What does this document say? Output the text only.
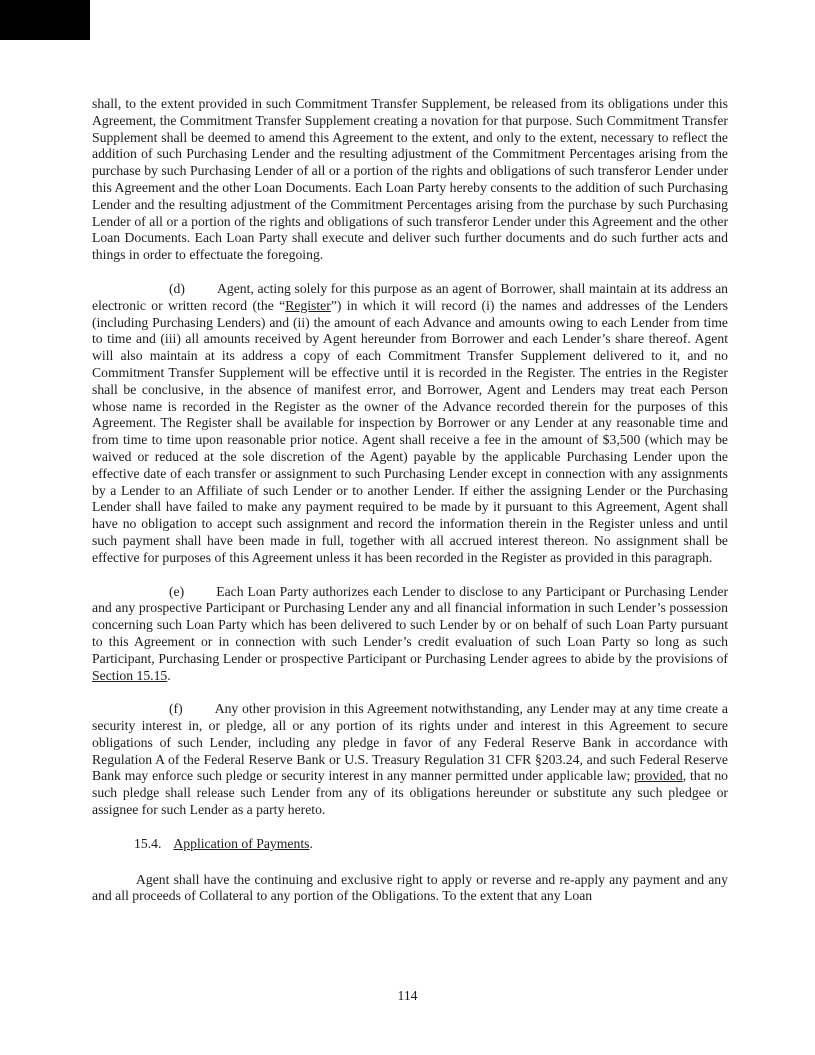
shall, to the extent provided in such Commitment Transfer Supplement, be released from its obligations under this Agreement, the Commitment Transfer Supplement creating a novation for that purpose. Such Commitment Transfer Supplement shall be deemed to amend this Agreement to the extent, and only to the extent, necessary to reflect the addition of such Purchasing Lender and the resulting adjustment of the Commitment Percentages arising from the purchase by such Purchasing Lender of all or a portion of the rights and obligations of such transferor Lender under this Agreement and the other Loan Documents. Each Loan Party hereby consents to the addition of such Purchasing Lender and the resulting adjustment of the Commitment Percentages arising from the purchase by such Purchasing Lender of all or a portion of the rights and obligations of such transferor Lender under this Agreement and the other Loan Documents. Each Loan Party shall execute and deliver such further documents and do such further acts and things in order to effectuate the foregoing.

(d) Agent, acting solely for this purpose as an agent of Borrower, shall maintain at its address an electronic or written record (the “Register”) in which it will record (i) the names and addresses of the Lenders (including Purchasing Lenders) and (ii) the amount of each Advance and amounts owing to each Lender from time to time and (iii) all amounts received by Agent hereunder from Borrower and each Lender’s share thereof. Agent will also maintain at its address a copy of each Commitment Transfer Supplement delivered to it, and no Commitment Transfer Supplement will be effective until it is recorded in the Register. The entries in the Register shall be conclusive, in the absence of manifest error, and Borrower, Agent and Lenders may treat each Person whose name is recorded in the Register as the owner of the Advance recorded therein for the purposes of this Agreement. The Register shall be available for inspection by Borrower or any Lender at any reasonable time and from time to time upon reasonable prior notice. Agent shall receive a fee in the amount of $3,500 (which may be waived or reduced at the sole discretion of the Agent) payable by the applicable Purchasing Lender upon the effective date of each transfer or assignment to such Purchasing Lender except in connection with any assignments by a Lender to an Affiliate of such Lender or to another Lender. If either the assigning Lender or the Purchasing Lender shall have failed to make any payment required to be made by it pursuant to this Agreement, Agent shall have no obligation to accept such assignment and record the information therein in the Register unless and until such payment shall have been made in full, together with all accrued interest thereon. No assignment shall be effective for purposes of this Agreement unless it has been recorded in the Register as provided in this paragraph.

(e) Each Loan Party authorizes each Lender to disclose to any Participant or Purchasing Lender and any prospective Participant or Purchasing Lender any and all financial information in such Lender’s possession concerning such Loan Party which has been delivered to such Lender by or on behalf of such Loan Party pursuant to this Agreement or in connection with such Lender’s credit evaluation of such Loan Party so long as such Participant, Purchasing Lender or prospective Participant or Purchasing Lender agrees to abide by the provisions of Section 15.15.

(f) Any other provision in this Agreement notwithstanding, any Lender may at any time create a security interest in, or pledge, all or any portion of its rights under and interest in this Agreement to secure obligations of such Lender, including any pledge in favor of any Federal Reserve Bank in accordance with Regulation A of the Federal Reserve Bank or U.S. Treasury Regulation 31 CFR §203.24, and such Federal Reserve Bank may enforce such pledge or security interest in any manner permitted under applicable law; provided, that no such pledge shall release such Lender from any of its obligations hereunder or substitute any such pledgee or assignee for such Lender as a party hereto.

15.4. Application of Payments.

Agent shall have the continuing and exclusive right to apply or reverse and re-apply any payment and any and all proceeds of Collateral to any portion of the Obligations. To the extent that any Loan

114
